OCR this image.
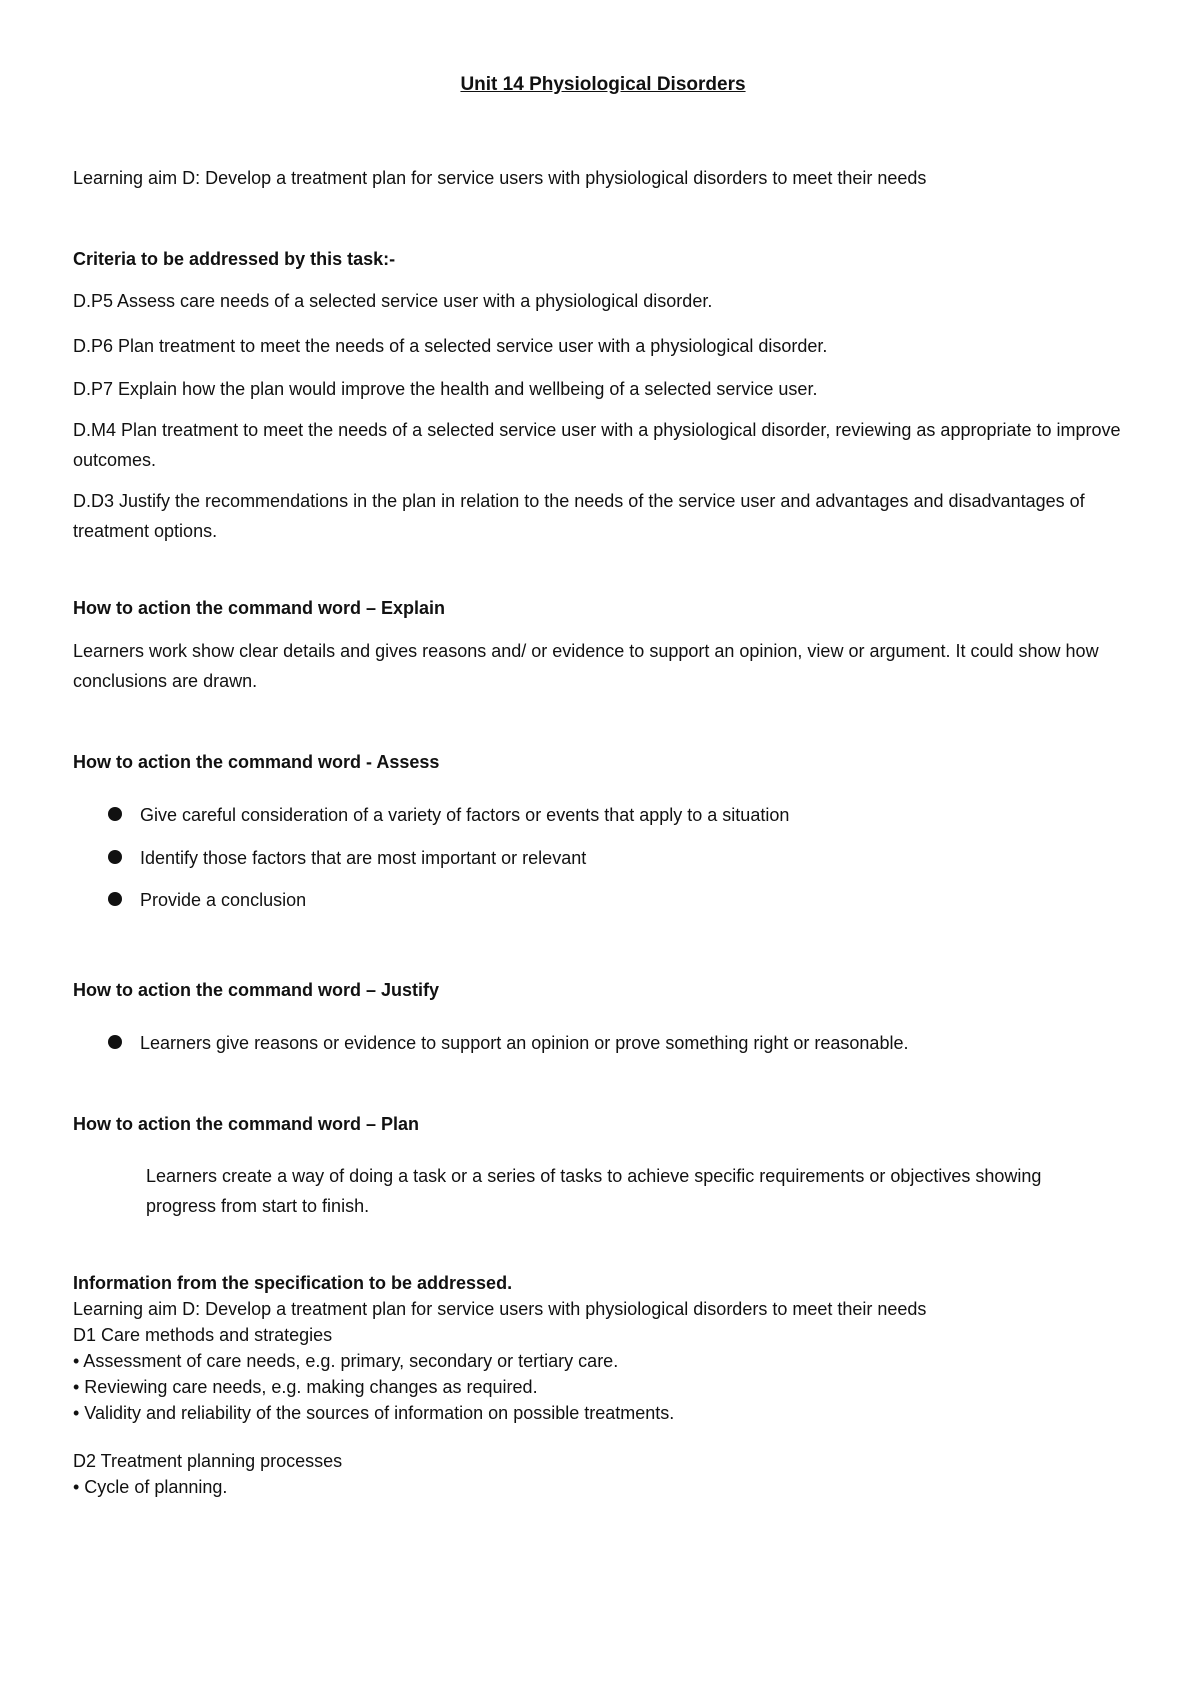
Unit 14 Physiological Disorders

Learning aim D: Develop a treatment plan for service users with physiological disorders to meet their needs

Criteria to be addressed by this task:-

D.P5 Assess care needs of a selected service user with a physiological disorder.

D.P6 Plan treatment to meet the needs of a selected service user with a physiological disorder.

D.P7 Explain how the plan would improve the health and wellbeing of a selected service user.

D.M4 Plan treatment to meet the needs of a selected service user with a physiological disorder, reviewing as appropriate to improve outcomes.

D.D3 Justify the recommendations in the plan in relation to the needs of the service user and advantages and disadvantages of treatment options.

How to action the command word – Explain

Learners work show clear details and gives reasons and/ or evidence to support an opinion, view or argument. It could show how conclusions are drawn.

How to action the command word - Assess

Give careful consideration of a variety of factors or events that apply to a situation
Identify those factors that are most important or relevant
Provide a conclusion

How to action the command word – Justify

Learners give reasons or evidence to support an opinion or prove something right or reasonable.

How to action the command word – Plan

Learners create a way of doing a task or a series of tasks to achieve specific requirements or objectives showing progress from start to finish.

Information from the specification to be addressed.

Learning aim D: Develop a treatment plan for service users with physiological disorders to meet their needs

D1 Care methods and strategies

• Assessment of care needs, e.g. primary, secondary or tertiary care.

• Reviewing care needs, e.g. making changes as required.

• Validity and reliability of the sources of information on possible treatments.

D2 Treatment planning processes

• Cycle of planning.
